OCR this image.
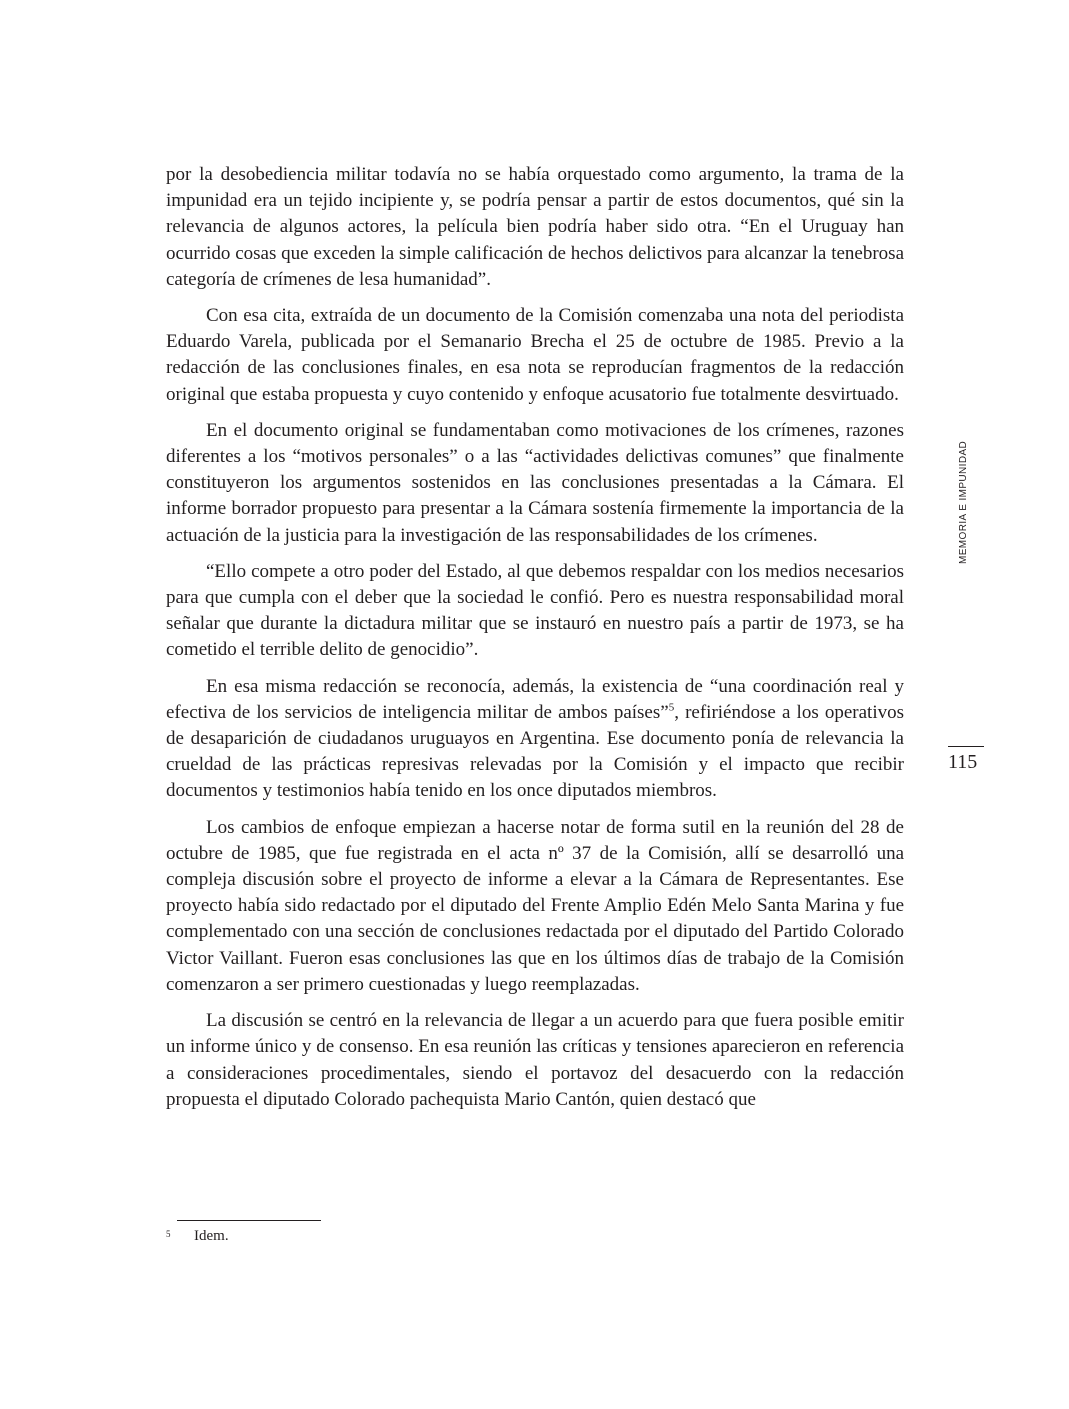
por la desobediencia militar todavía no se había orquestado como argumento, la trama de la impunidad era un tejido incipiente y, se podría pensar a partir de estos documentos, qué sin la relevancia de algunos actores, la película bien podría haber sido otra. “En el Uruguay han ocurrido cosas que exceden la simple calificación de hechos delictivos para alcanzar la tenebrosa categoría de crímenes de lesa humanidad”.

Con esa cita, extraída de un documento de la Comisión comenzaba una nota del periodista Eduardo Varela, publicada por el Semanario Brecha el 25 de octubre de 1985. Previo a la redacción de las conclusiones finales, en esa nota se reproducían fragmentos de la redacción original que estaba propuesta y cuyo contenido y enfoque acusatorio fue totalmente desvirtuado.

En el documento original se fundamentaban como motivaciones de los crímenes, razones diferentes a los “motivos personales” o a las “actividades delictivas comunes” que finalmente constituyeron los argumentos sostenidos en las conclusiones presentadas a la Cámara. El informe borrador propuesto para presentar a la Cámara sostenía firmemente la importancia de la actuación de la justicia para la investigación de las responsabilidades de los crímenes.

“Ello compete a otro poder del Estado, al que debemos respaldar con los medios necesarios para que cumpla con el deber que la sociedad le confió. Pero es nuestra responsabilidad moral señalar que durante la dictadura militar que se instauró en nuestro país a partir de 1973, se ha cometido el terrible delito de genocidio”.

En esa misma redacción se reconocía, además, la existencia de “una coordinación real y efectiva de los servicios de inteligencia militar de ambos países”$^5$, refiriéndose a los operativos de desaparición de ciudadanos uruguayos en Argentina. Ese documento ponía de relevancia la crueldad de las prácticas represivas relevadas por la Comisión y el impacto que recibir documentos y testimonios había tenido en los once diputados miembros.

Los cambios de enfoque empiezan a hacerse notar de forma sutil en la reunión del 28 de octubre de 1985, que fue registrada en el acta nº 37 de la Comisión, allí se desarrolló una compleja discusión sobre el proyecto de informe a elevar a la Cámara de Representantes. Ese proyecto había sido redactado por el diputado del Frente Amplio Edén Melo Santa Marina y fue complementado con una sección de conclusiones redactada por el diputado del Partido Colorado Victor Vaillant. Fueron esas conclusiones las que en los últimos días de trabajo de la Comisión comenzaron a ser primero cuestionadas y luego reemplazadas.

La discusión se centró en la relevancia de llegar a un acuerdo para que fuera posible emitir un informe único y de consenso. En esa reunión las críticas y tensiones aparecieron en referencia a consideraciones procedimentales, siendo el portavoz del desacuerdo con la redacción propuesta el diputado Colorado pachequista Mario Cantón, quien destacó que

MEMORIA E IMPUNIDAD
115
5 Idem.
